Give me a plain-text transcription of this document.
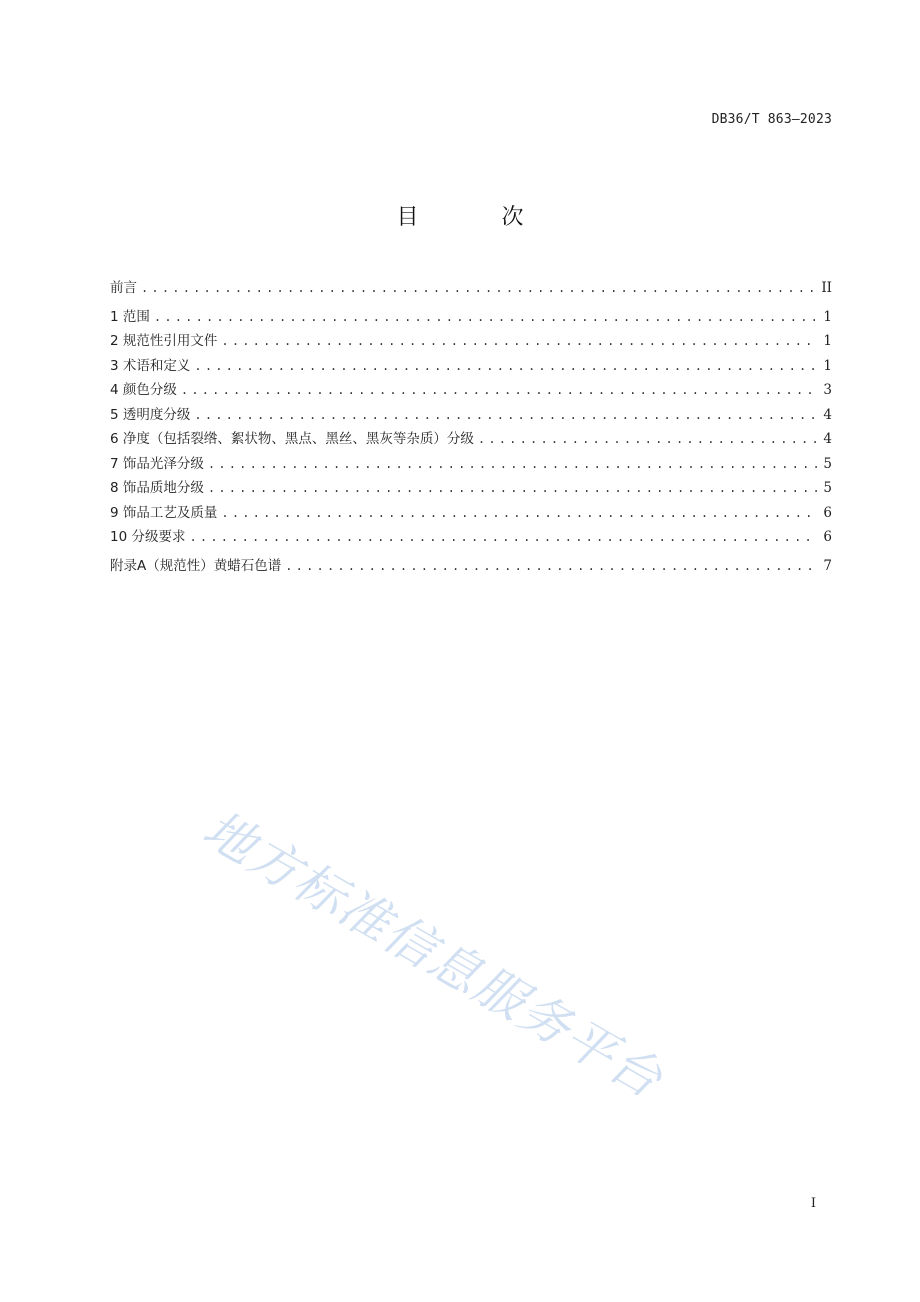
DB36/T 863—2023
目 次
前言 .....	II
1 范围 .....	1
2 规范性引用文件 .....	1
3 术语和定义 .....	1
4 颜色分级 .....	3
5 透明度分级 .....	4
6 净度（包括裂绺、絮状物、黑点、黑丝、黑灰等杂质）分级 .....	4
7 饰品光泽分级 .....	5
8 饰品质地分级 .....	5
9 饰品工艺及质量 .....	6
10 分级要求 .....	6
附录A（规范性）黄蜡石色谱 .....	7
地方标准信息服务平台
I
